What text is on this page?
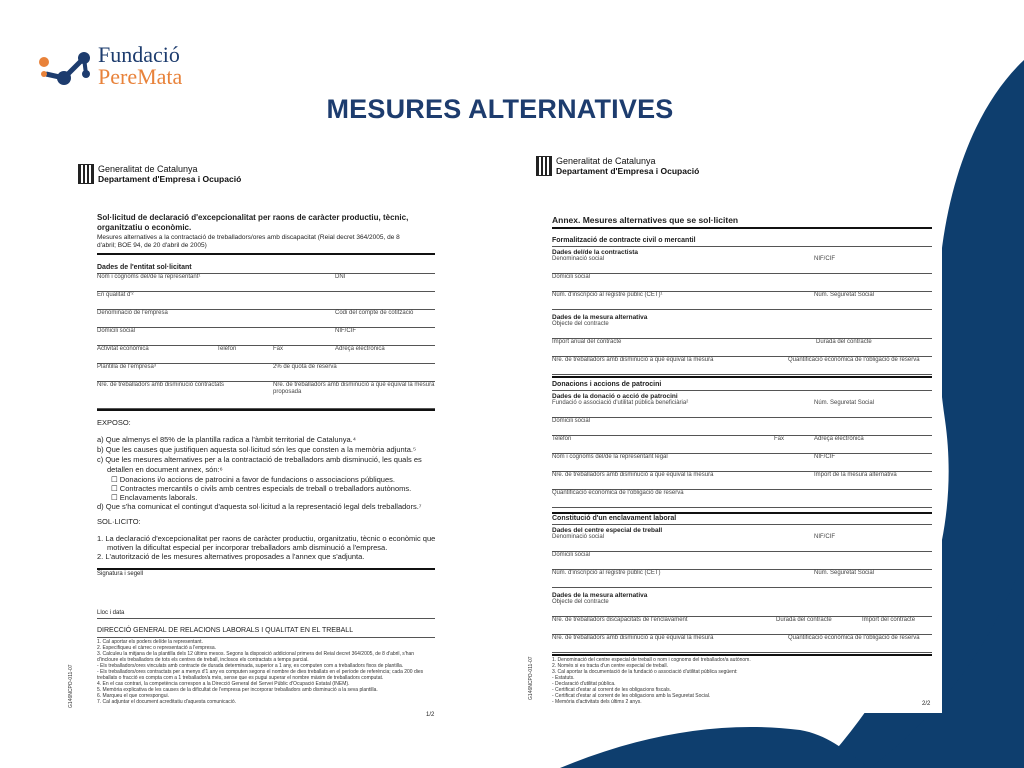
Fundació
PereMata
MESURES ALTERNATIVES
Generalitat de Catalunya
Departament d'Empresa i Ocupació
Sol·licitud de declaració d'excepcionalitat per raons de caràcter productiu, tècnic,
organitzatiu o econòmic.
Mesures alternatives a la contractació de treballadors/ores amb discapacitat (Reial decret 364/2005, de 8
d'abril; BOE 94, de 20 d'abril de 2005)
Dades de l'entitat sol·licitant
Nom i cognoms del/de la representant¹	DNI
En qualitat d'²
Denominació de l'empresa	Codi del compte de cotització
Domicili social	NIF/CIF
Activitat econòmica	Telèfon	Fax	Adreça electrònica
Plantilla de l'empresa³	2% de quota de reserva
Nre. de treballadors amb disminució contractats	Nre. de treballadors amb disminució a què equival la mesura
proposada
EXPOSO:
a) Que almenys el 85% de la plantilla radica a l'àmbit territorial de Catalunya.⁴
b) Que les causes que justifiquen aquesta sol·licitud són les que consten a la memòria adjunta.⁵
c) Que les mesures alternatives per a la contractació de treballadors amb disminució, les quals es
detallen en document annex, són:⁶
☐ Donacions i/o accions de patrocini a favor de fundacions o associacions públiques.
☐ Contractes mercantils o civils amb centres especials de treball o treballadors autònoms.
☐ Enclavaments laborals.
d) Que s'ha comunicat el contingut d'aquesta sol·licitud a la representació legal dels treballadors.⁷
SOL·LICITO:
1. La declaració d'excepcionalitat per raons de caràcter productiu, organitzatiu, tècnic o econòmic que
motiven la dificultat especial per incorporar treballadors amb disminució a l'empresa.
2. L'autorització de les mesures alternatives proposades a l'annex que s'adjunta.
Signatura i segell
Lloc i data
DIRECCIÓ GENERAL DE RELACIONS LABORALS I QUALITAT EN EL TREBALL
1. Cal aportar els poders del/de la representant.
2. Especifiqueu el càrrec o representació a l'empresa.
3. Calculeu la mitjana de la plantilla dels 12 últims mesos. Segons la disposició addicional primera del Reial decret 364/2005, de 8 d'abril, s'han
d'incloure els treballadors de tots els centres de treball, inclosos els contractats a temps parcial.
- Els treballadors/ores vinculats amb contracte de durada determinada, superior a 1 any, es computen com a treballadors fixos de plantilla.
- Els treballadors/ores contractats per a menys d'1 any es computen segons el nombre de dies treballats en el període de referència; cada 200 dies
treballats o fracció es compta com a 1 treballador/a més, sense que es pugui superar el nombre màxim de treballadors computat.
4. En el cas contrari, la competència correspon a la Direcció General del Servei Públic d'Ocupació Estatal (INEM).
5. Memòria explicativa de les causes de la dificultat de l'empresa per incorporar treballadors amb disminució a la seva plantilla.
6. Marqueu el que correspongui.
7. Cal adjuntar el document acreditatiu d'aquesta comunicació.
G146NCPO-011-07
1/2
Generalitat de Catalunya
Departament d'Empresa i Ocupació
Annex. Mesures alternatives que se sol·liciten
Formalització de contracte civil o mercantil
Dades del/de la contractista
Denominació social	NIF/CIF
Domicili social
Núm. d'inscripció al registre públic (CET)¹	Núm. Seguretat Social
Dades de la mesura alternativa
Objecte del contracte
Import anual del contracte	Durada del contracte
Nre. de treballadors amb disminució a què equival la mesura	Quantificació econòmica de l'obligació de reserva
Donacions i accions de patrocini
Dades de la donació o acció de patrocini
Fundació o associació d'utilitat pública beneficiària²	Núm. Seguretat Social
Domicili social
Telèfon	Fax	Adreça electrònica
Nom i cognoms del/de la representant legal	NIF/CIF
Nre. de treballadors amb disminució a què equival la mesura	Import de la mesura alternativa
Quantificació econòmica de l'obligació de reserva
Constitució d'un enclavament laboral
Dades del centre especial de treball
Denominació social	NIF/CIF
Domicili social
Núm. d'inscripció al registre públic (CET)	Núm. Seguretat Social
Dades de la mesura alternativa
Objecte del contracte
Nre. de treballadors discapacitats de l'enclavament	Durada del contracte	Import del contracte
Nre. de treballadors amb disminució a què equival la mesura	Quantificació econòmica de l'obligació de reserva
1. Denominació del centre especial de treball o nom i cognoms del treballador/a autònom.
2. Només si es tracta d'un centre especial de treball.
3. Cal aportar la documentació de la fundació o associació d'utilitat pública següent:
- Estatuts.
- Declaració d'utilitat pública.
- Certificat d'estar al corrent de les obligacions fiscals.
- Certificat d'estar al corrent de les obligacions amb la Seguretat Social.
- Memòria d'activitats dels últims 2 anys.
G146NCPO-011-07
2/2
